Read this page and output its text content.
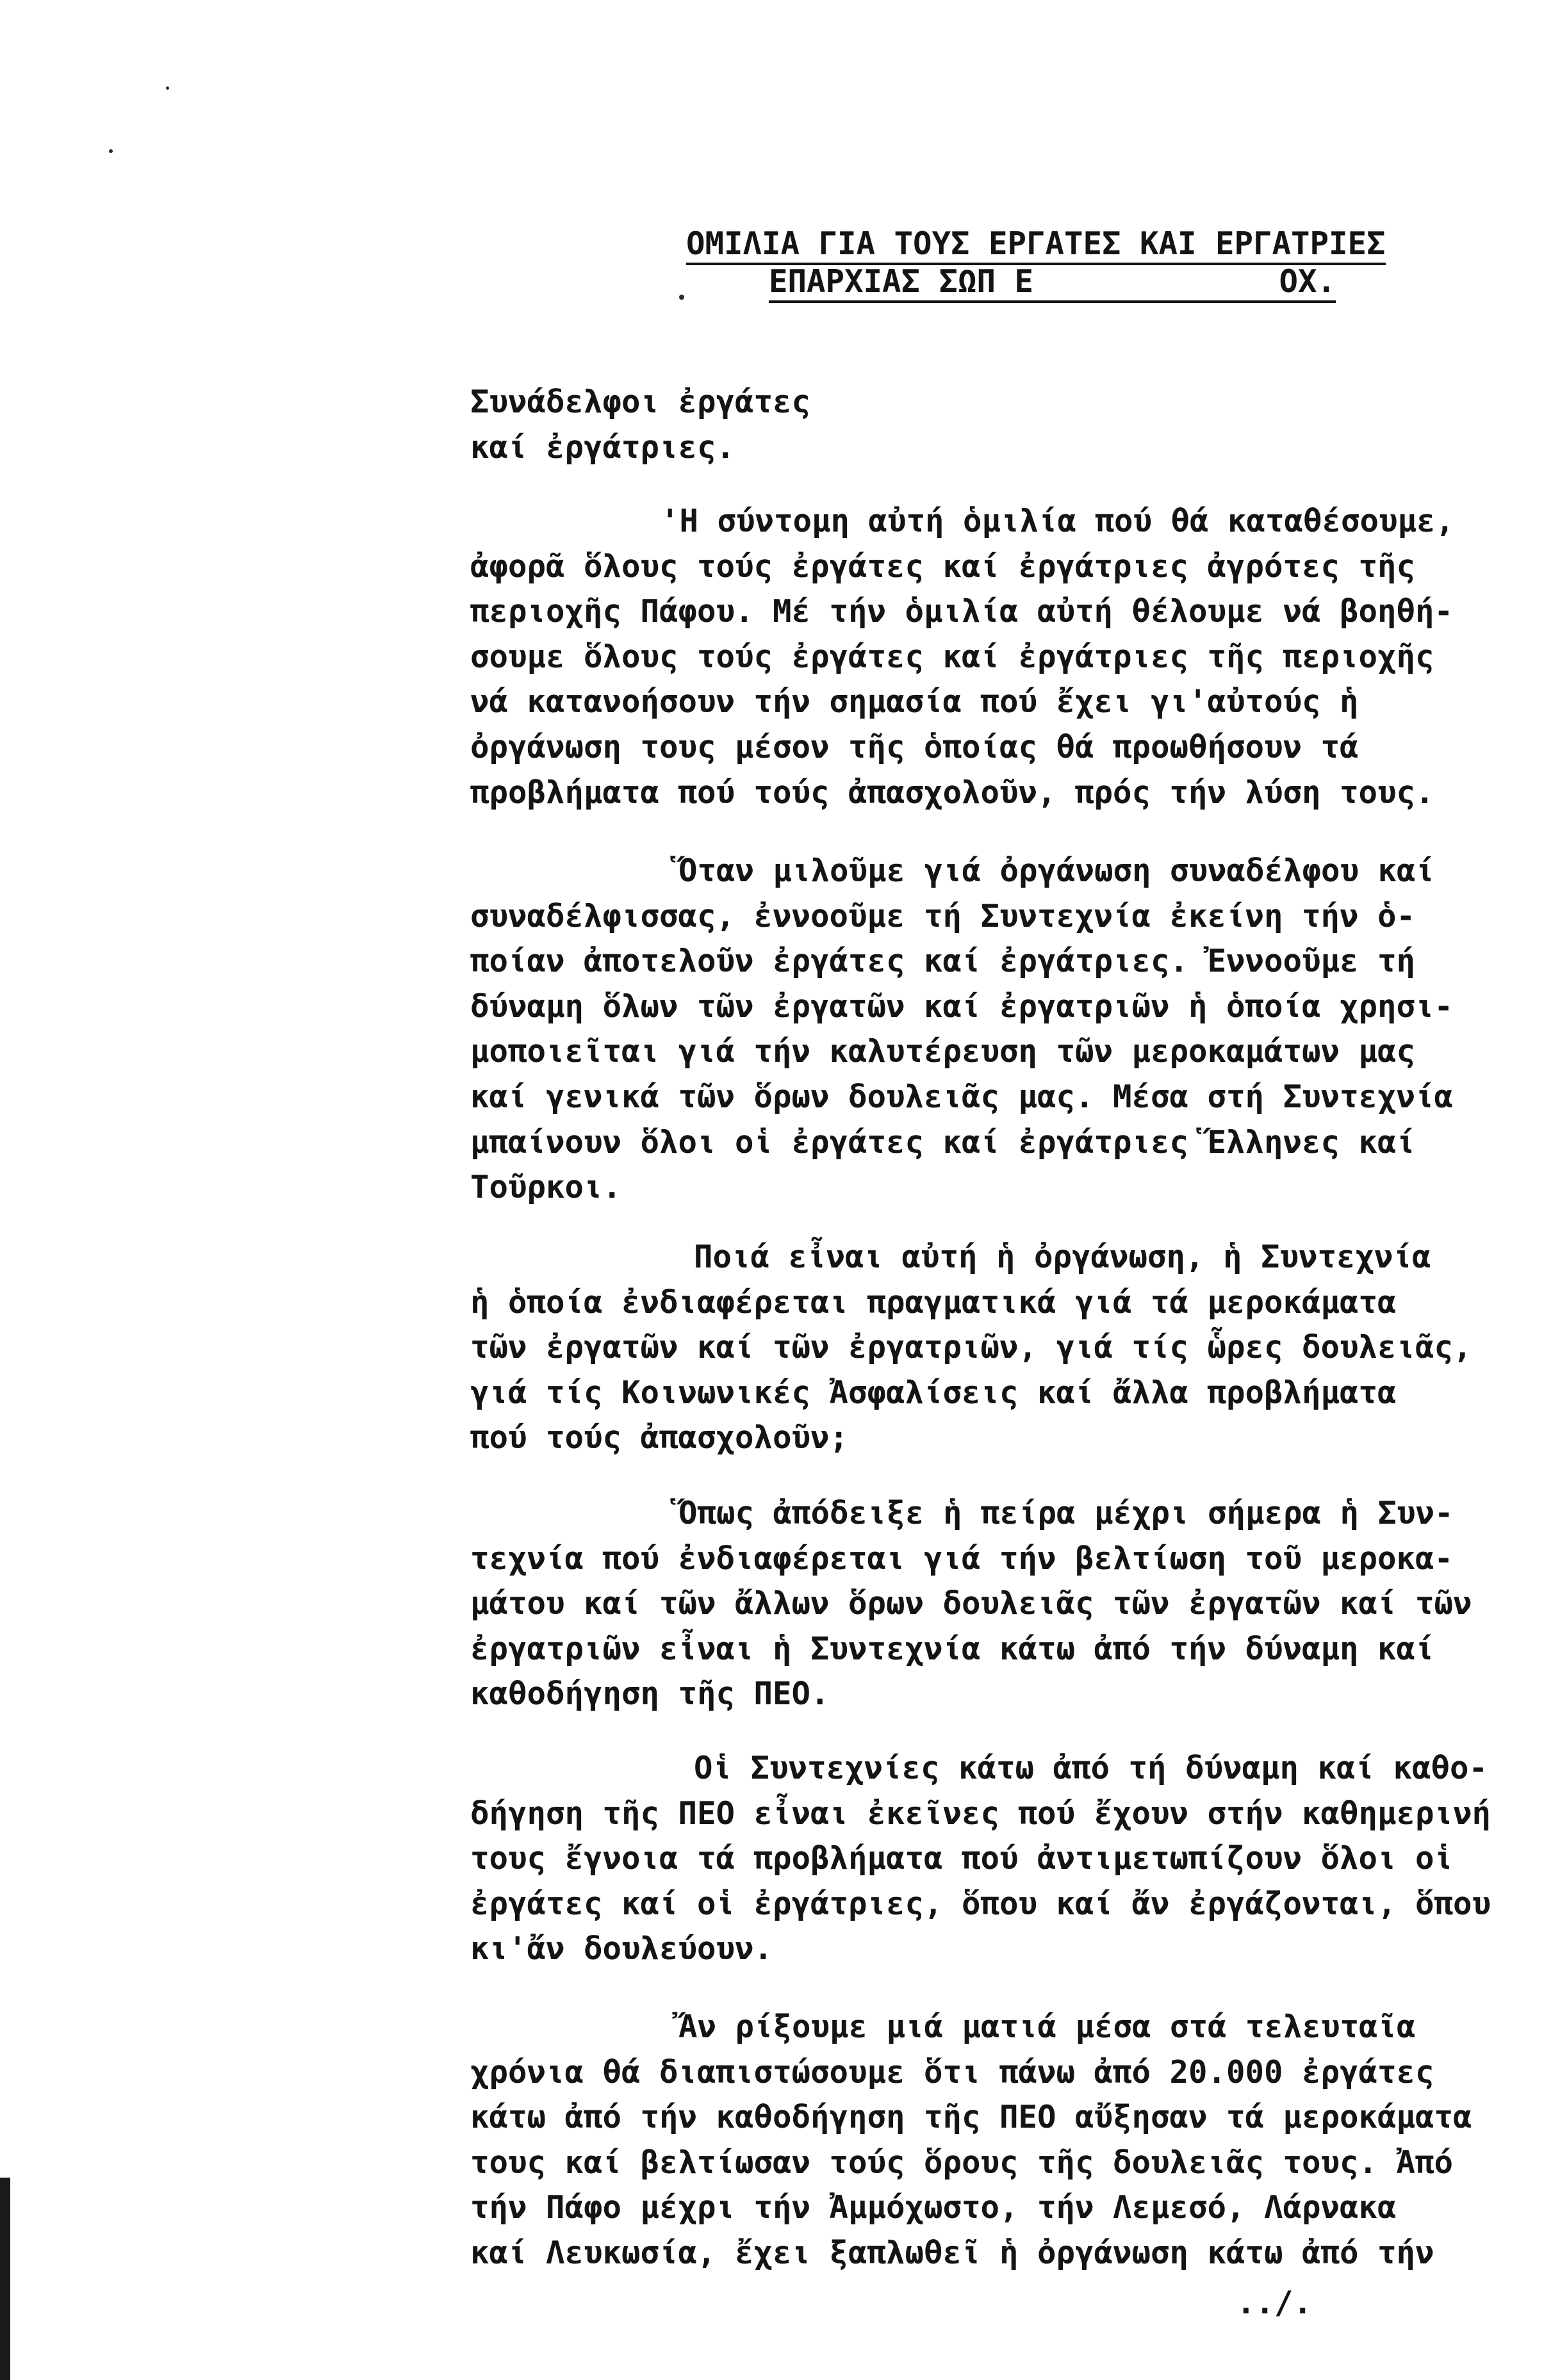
ΟΜΙΛΙΑ ΓΙΑ ΤΟΥΣ ΕΡΓΑΤΕΣ ΚΑΙ ΕΡΓΑΤΡΙΕΣ
ΕΠΑΡΧΙΑΣ ΣΩΠ Ε	ΟΧ.
Συνάδελφοι ἐργάτες
καί ἐργάτριες.
'Η σύντομη αὐτή ὁμιλία πού θά καταθέσουμε,
ἀφορᾶ ὅλους τούς ἐργάτες καί ἐργάτριες ἀγρότες τῆς
περιοχῆς Πάφου. Μέ τήν ὁμιλία αὐτή θέλουμε νά βοηθή-
σουμε ὅλους τούς ἐργάτες καί ἐργάτριες τῆς περιοχῆς
νά κατανοήσουν τήν σημασία πού ἔχει γι'αὐτούς ἡ
ὀργάνωση τους μέσον τῆς ὁποίας θά προωθήσουν τά
προβλήματα πού τούς ἀπασχολοῦν, πρός τήν λύση τους.
Ὅταν μιλοῦμε γιά ὀργάνωση συναδέλφου καί
συναδέλφισσας, ἐννοοῦμε τή Συντεχνία ἐκείνη τήν ὁ-
ποίαν ἀποτελοῦν ἐργάτες καί ἐργάτριες. Ἐννοοῦμε τή
δύναμη ὅλων τῶν ἐργατῶν καί ἐργατριῶν ἡ ὁποία χρησι-
μοποιεῖται γιά τήν καλυτέρευση τῶν μεροκαμάτων μας
καί γενικά τῶν ὅρων δουλειᾶς μας. Μέσα στή Συντεχνία
μπαίνουν ὅλοι οἱ ἐργάτες καί ἐργάτριες Ἕλληνες καί
Τοῦρκοι.
Ποιά εἶναι αὐτή ἡ ὀργάνωση, ἡ Συντεχνία
ἡ ὁποία ἐνδιαφέρεται πραγματικά γιά τά μεροκάματα
τῶν ἐργατῶν καί τῶν ἐργατριῶν, γιά τίς ὧρες δουλειᾶς,
γιά τίς Κοινωνικές Ἀσφαλίσεις καί ἄλλα προβλήματα
πού τούς ἀπασχολοῦν;
Ὅπως ἀπόδειξε ἡ πείρα μέχρι σήμερα ἡ Συν-
τεχνία πού ἐνδιαφέρεται γιά τήν βελτίωση τοῦ μεροκα-
μάτου καί τῶν ἄλλων ὅρων δουλειᾶς τῶν ἐργατῶν καί τῶν
ἐργατριῶν εἶναι ἡ Συντεχνία κάτω ἀπό τήν δύναμη καί
καθοδήγηση τῆς ΠΕΟ.
Οἱ Συντεχνίες κάτω ἀπό τή δύναμη καί καθο-
δήγηση τῆς ΠΕΟ εἶναι ἐκεῖνες πού ἔχουν στήν καθημερινή
τους ἔγνοια τά προβλήματα πού ἀντιμετωπίζουν ὅλοι οἱ
ἐργάτες καί οἱ ἐργάτριες, ὅπου καί ἄν ἐργάζονται, ὅπου
κι'ἄν δουλεύουν.
Ἄν ρίξουμε μιά ματιά μέσα στά τελευταῖα
χρόνια θά διαπιστώσουμε ὅτι πάνω ἀπό 20.000 ἐργάτες
κάτω ἀπό τήν καθοδήγηση τῆς ΠΕΟ αὔξησαν τά μεροκάματα
τους καί βελτίωσαν τούς ὅρους τῆς δουλειᾶς τους. Ἀπό
τήν Πάφο μέχρι τήν Ἀμμόχωστο, τήν Λεμεσό, Λάρνακα
καί Λευκωσία, ἔχει ξαπλωθεῖ ἡ ὀργάνωση κάτω ἀπό τήν
../.
